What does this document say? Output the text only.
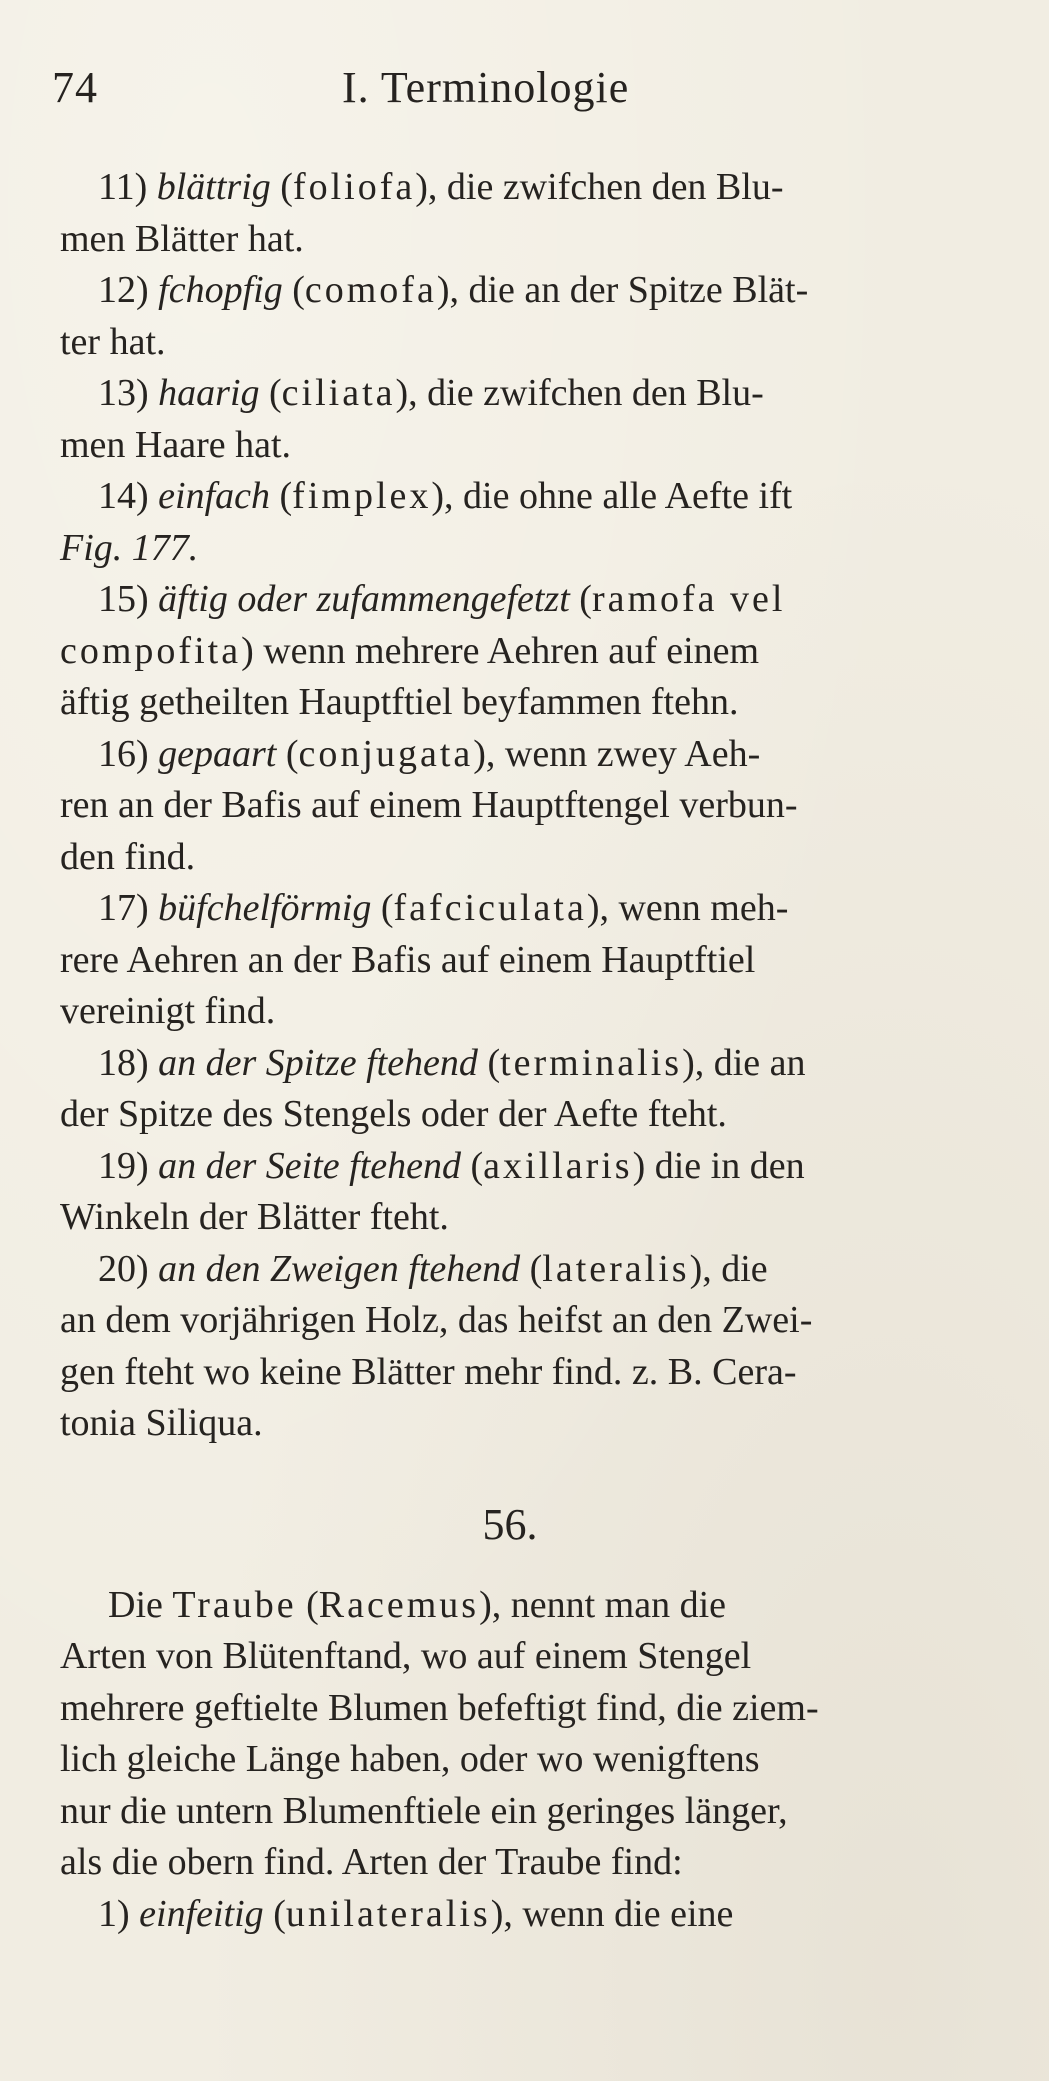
74	I. Terminologie
11) blättrig (foliofa), die zwifchen den Blu-
men Blätter hat.
12) fchopfig (comofa), die an der Spitze Blät-
ter hat.
13) haarig (ciliata), die zwifchen den Blu-
men Haare hat.
14) einfach (fimplex), die ohne alle Aefte ift
Fig. 177.
15) äftig oder zufammengefetzt (ramofa vel
compofita) wenn mehrere Aehren auf einem
äftig getheilten Hauptftiel beyfammen ftehn.
16) gepaart (conjugata), wenn zwey Aeh-
ren an der Bafis auf einem Hauptftengel verbun-
den find.
17) büfchelförmig (fafciculata), wenn meh-
rere Aehren an der Bafis auf einem Hauptftiel
vereinigt find.
18) an der Spitze ftehend (terminalis), die an
der Spitze des Stengels oder der Aefte fteht.
19) an der Seite ftehend (axillaris) die in den
Winkeln der Blätter fteht.
20) an den Zweigen ftehend (lateralis), die
an dem vorjährigen Holz, das heifst an den Zwei-
gen fteht wo keine Blätter mehr find. z. B. Cera-
tonia Siliqua.
56.
Die Traube (Racemus), nennt man die
Arten von Blütenftand, wo auf einem Stengel
mehrere geftielte Blumen befeftigt find, die ziem-
lich gleiche Länge haben, oder wo wenigftens
nur die untern Blumenftiele ein geringes länger,
als die obern find. Arten der Traube find:
1) einfeitig (unilateralis), wenn die eine
